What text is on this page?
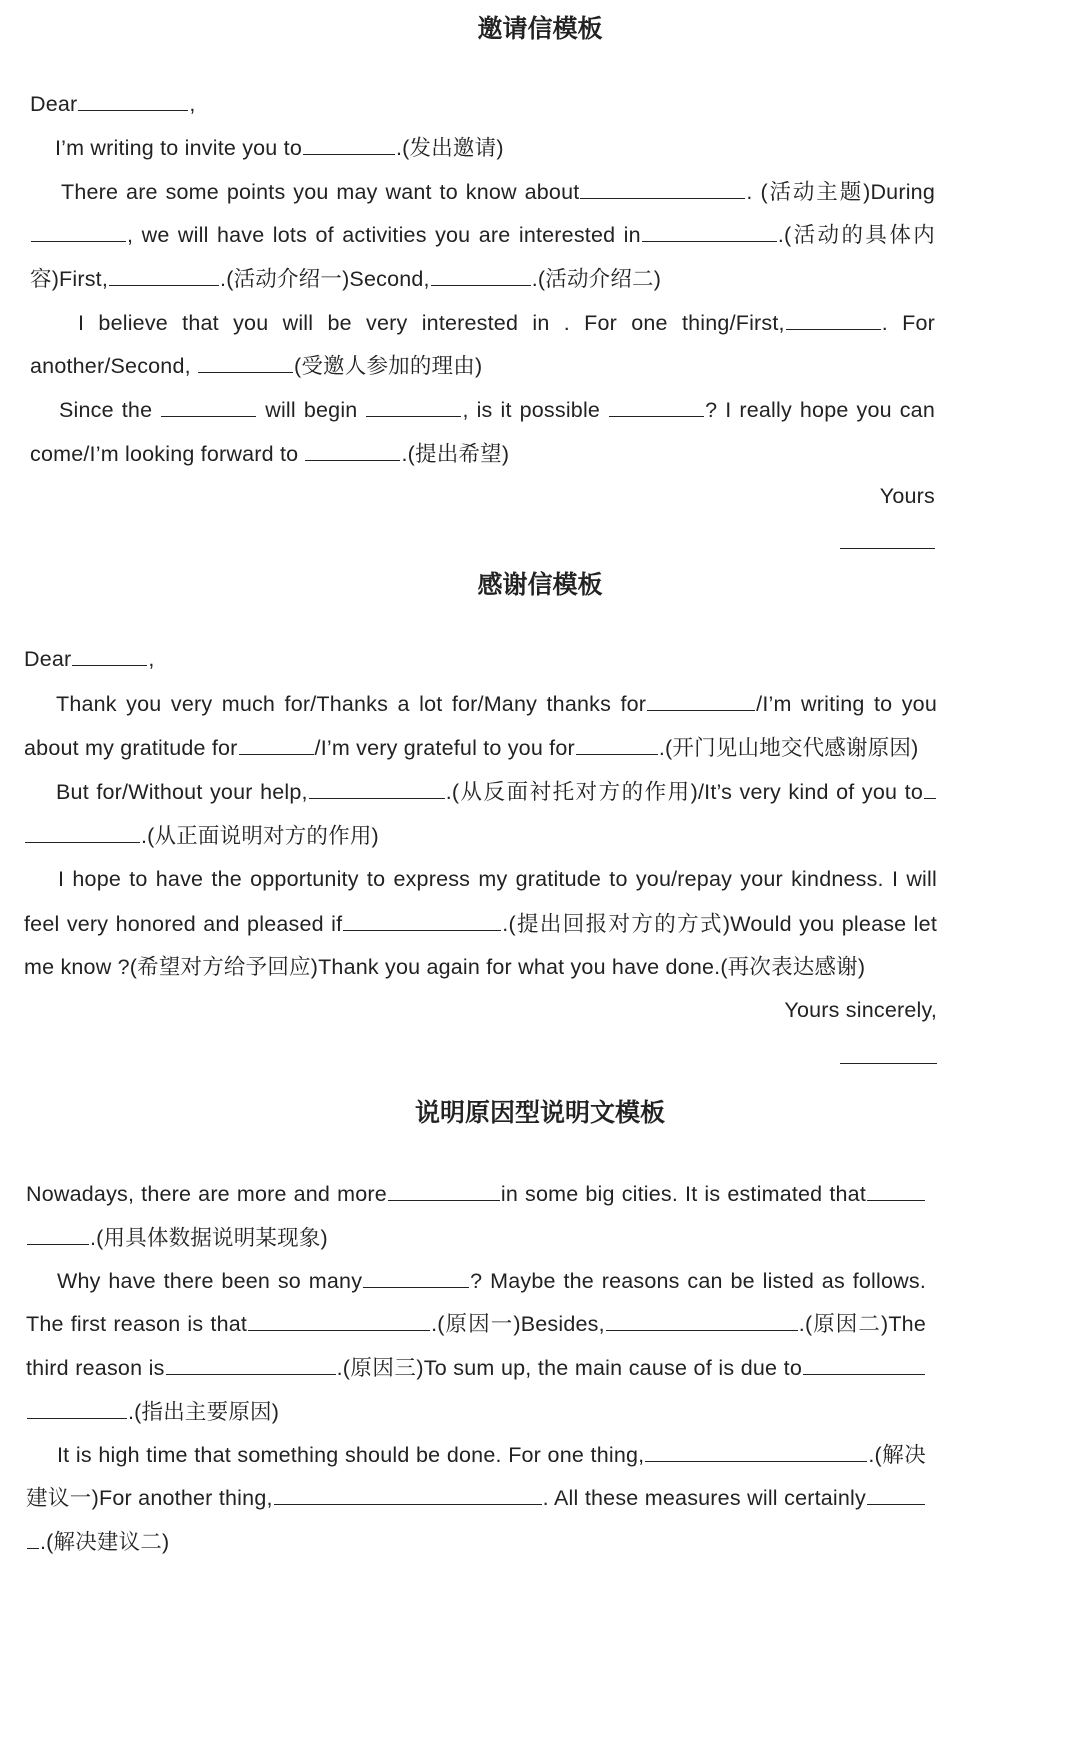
邀请信模板
Dear	,
I’m writing to invite you to	.(发出邀请)
There are some points you may want to know about	. (活动主题)During
, we will have lots of activities you are interested in	.(活动的具体内
容)First,	.(活动介绍一)Second,	.(活动介绍二)
I believe that you will be very interested in . For one thing/First,	. For
another/Second,	(受邀人参加的理由)
Since the	will begin	, is it possible	? I really hope you can
come/I’m looking forward to	.(提出希望)
Yours
感谢信模板
Dear	,
Thank you very much for/Thanks a lot for/Many thanks for	/I’m writing to you
about my gratitude for	/I’m very grateful to you for	.(开门见山地交代感谢原因)
But for/Without your help,	.(从反面衬托对方的作用)/It’s very kind of you to
.(从正面说明对方的作用)
I hope to have the opportunity to express my gratitude to you/repay your kindness. I will
feel very honored and pleased if	.(提出回报对方的方式)Would you please let
me know ?(希望对方给予回应)Thank you again for what you have done.(再次表达感谢)
Yours sincerely,
说明原因型说明文模板
Nowadays, there are more and more	in some big cities. It is estimated that
.(用具体数据说明某现象)
Why have there been so many	? Maybe the reasons can be listed as follows.
The first reason is that	.(原因一)Besides,	.(原因二)The
third reason is	.(原因三)To sum up, the main cause of is due to
.(指出主要原因)
It is high time that something should be done. For one thing,	.(解决
建议一)For another thing,	. All these measures will certainly
.(解决建议二)
